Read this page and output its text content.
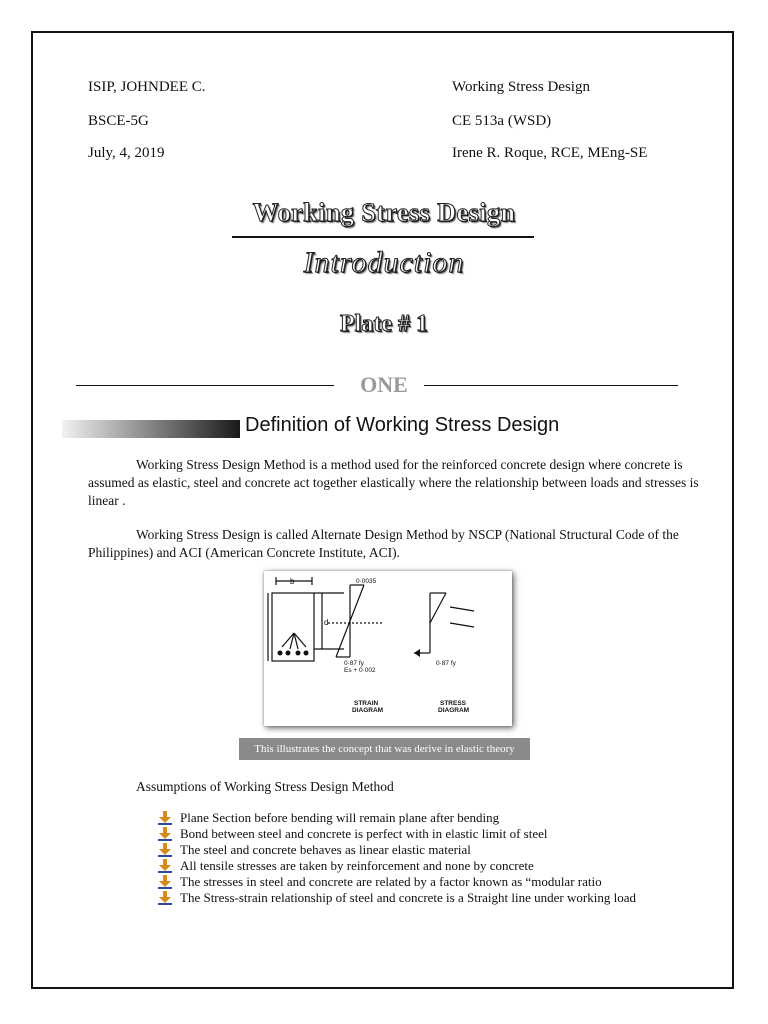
ISIP, JOHNDEE C.
BSCE-5G
July, 4, 2019
Working Stress Design
CE 513a (WSD)
Irene R. Roque, RCE, MEng-SE
Working Stress Design
Introduction
Plate # 1
ONE
Definition of Working Stress Design
Working Stress Design Method is a method used for the reinforced concrete design where concrete is assumed as elastic, steel and concrete act together elastically where the relationship between loads and stresses is linear .
Working Stress Design is called Alternate Design Method by NSCP (National Structural Code of the Philippines) and ACI (American Concrete Institute, ACI).
b
d
0·0035
0·87 fy
Es + 0·002
STRAIN
DIAGRAM
0·87 fy
STRESS
DIAGRAM
This illustrates the concept that was derive in elastic theory
Assumptions of Working Stress Design Method
Plane Section before bending will remain plane after bending
Bond between steel and concrete is perfect with in elastic limit of steel
The steel and concrete behaves as linear elastic material
All tensile stresses are taken by reinforcement and none by concrete
The stresses in steel and concrete are related by a factor known as “modular ratio
The Stress-strain relationship of steel and concrete is a Straight line under working load
